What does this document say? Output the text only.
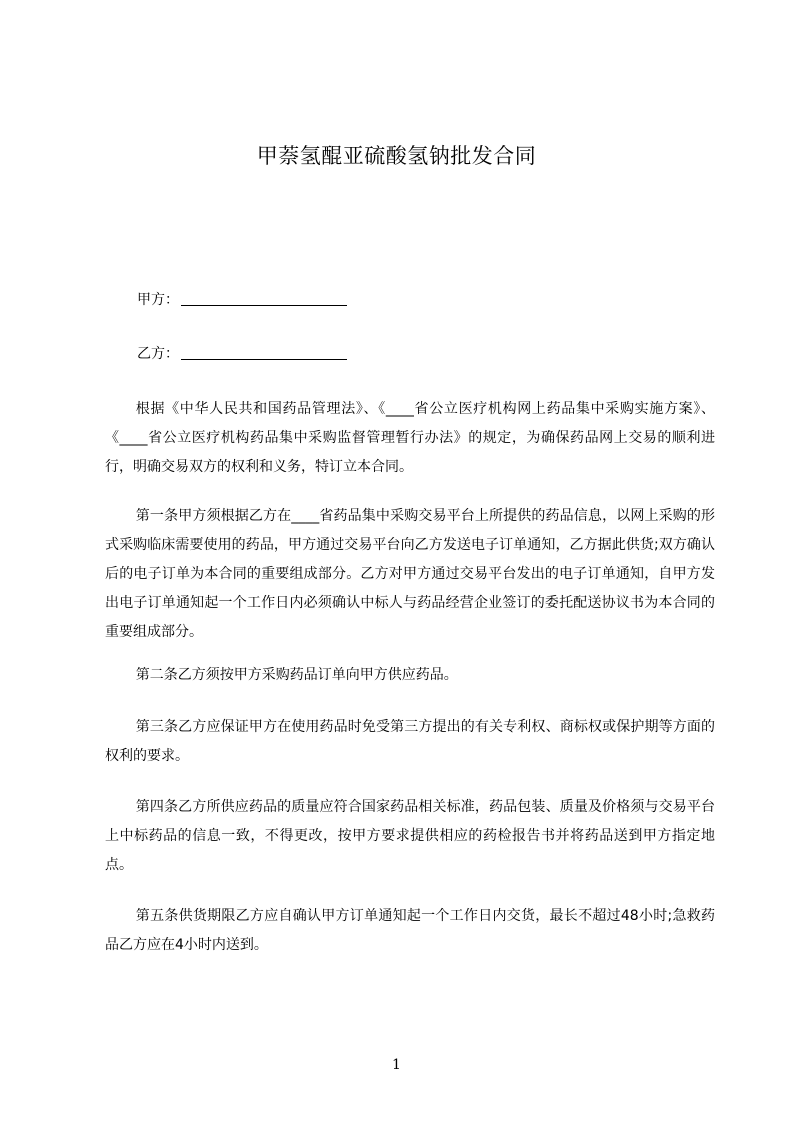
甲萘氢醌亚硫酸氢钠批发合同

甲方：

乙方：

根据《中华人民共和国药品管理法》、《____省公立医疗机构网上药品集中采购实施方案》、《____省公立医疗机构药品集中采购监督管理暂行办法》的规定，为确保药品网上交易的顺利进行，明确交易双方的权利和义务，特订立本合同。

第一条甲方须根据乙方在____省药品集中采购交易平台上所提供的药品信息，以网上采购的形式采购临床需要使用的药品，甲方通过交易平台向乙方发送电子订单通知，乙方据此供货;双方确认后的电子订单为本合同的重要组成部分。乙方对甲方通过交易平台发出的电子订单通知，自甲方发出电子订单通知起一个工作日内必须确认中标人与药品经营企业签订的委托配送协议书为本合同的重要组成部分。

第二条乙方须按甲方采购药品订单向甲方供应药品。

第三条乙方应保证甲方在使用药品时免受第三方提出的有关专利权、商标权或保护期等方面的权利的要求。

第四条乙方所供应药品的质量应符合国家药品相关标准，药品包装、质量及价格须与交易平台上中标药品的信息一致，不得更改，按甲方要求提供相应的药检报告书并将药品送到甲方指定地点。

第五条供货期限乙方应自确认甲方订单通知起一个工作日内交货，最长不超过48小时;急救药品乙方应在4小时内送到。

1
